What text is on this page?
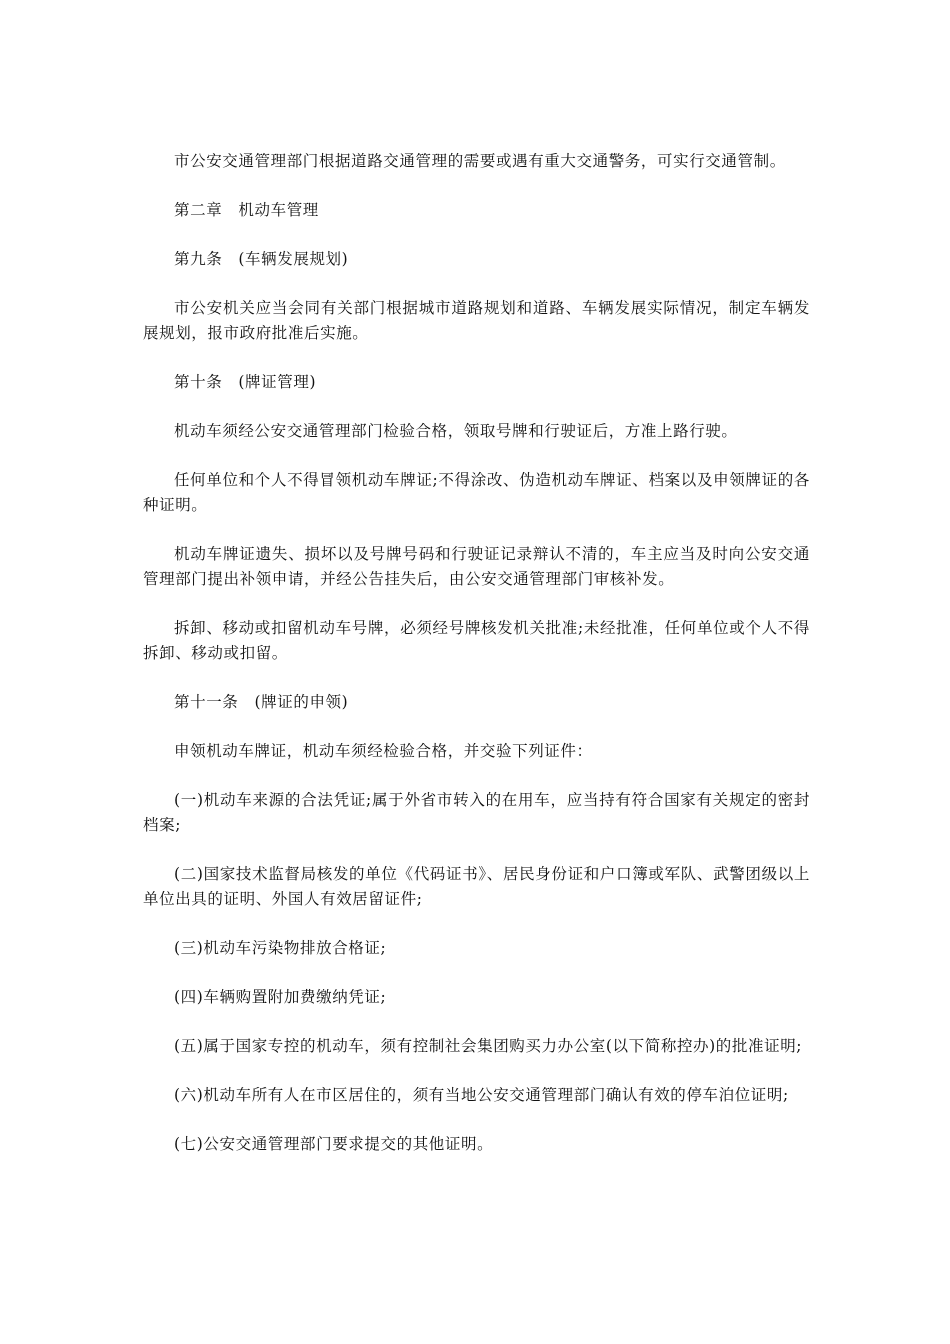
市公安交通管理部门根据道路交通管理的需要或遇有重大交通警务，可实行交通管制。

第二章　机动车管理

第九条　(车辆发展规划)

市公安机关应当会同有关部门根据城市道路规划和道路、车辆发展实际情况，制定车辆发展规划，报市政府批准后实施。

第十条　(牌证管理)

机动车须经公安交通管理部门检验合格，领取号牌和行驶证后，方准上路行驶。

任何单位和个人不得冒领机动车牌证;不得涂改、伪造机动车牌证、档案以及申领牌证的各种证明。

机动车牌证遗失、损坏以及号牌号码和行驶证记录辩认不清的，车主应当及时向公安交通管理部门提出补领申请，并经公告挂失后，由公安交通管理部门审核补发。

拆卸、移动或扣留机动车号牌，必须经号牌核发机关批准;未经批准，任何单位或个人不得拆卸、移动或扣留。

第十一条　(牌证的申领)

申领机动车牌证，机动车须经检验合格，并交验下列证件：

(一)机动车来源的合法凭证;属于外省市转入的在用车，应当持有符合国家有关规定的密封档案;

(二)国家技术监督局核发的单位《代码证书》、居民身份证和户口簿或军队、武警团级以上单位出具的证明、外国人有效居留证件;

(三)机动车污染物排放合格证;

(四)车辆购置附加费缴纳凭证;

(五)属于国家专控的机动车，须有控制社会集团购买力办公室(以下简称控办)的批准证明;

(六)机动车所有人在市区居住的，须有当地公安交通管理部门确认有效的停车泊位证明;

(七)公安交通管理部门要求提交的其他证明。
